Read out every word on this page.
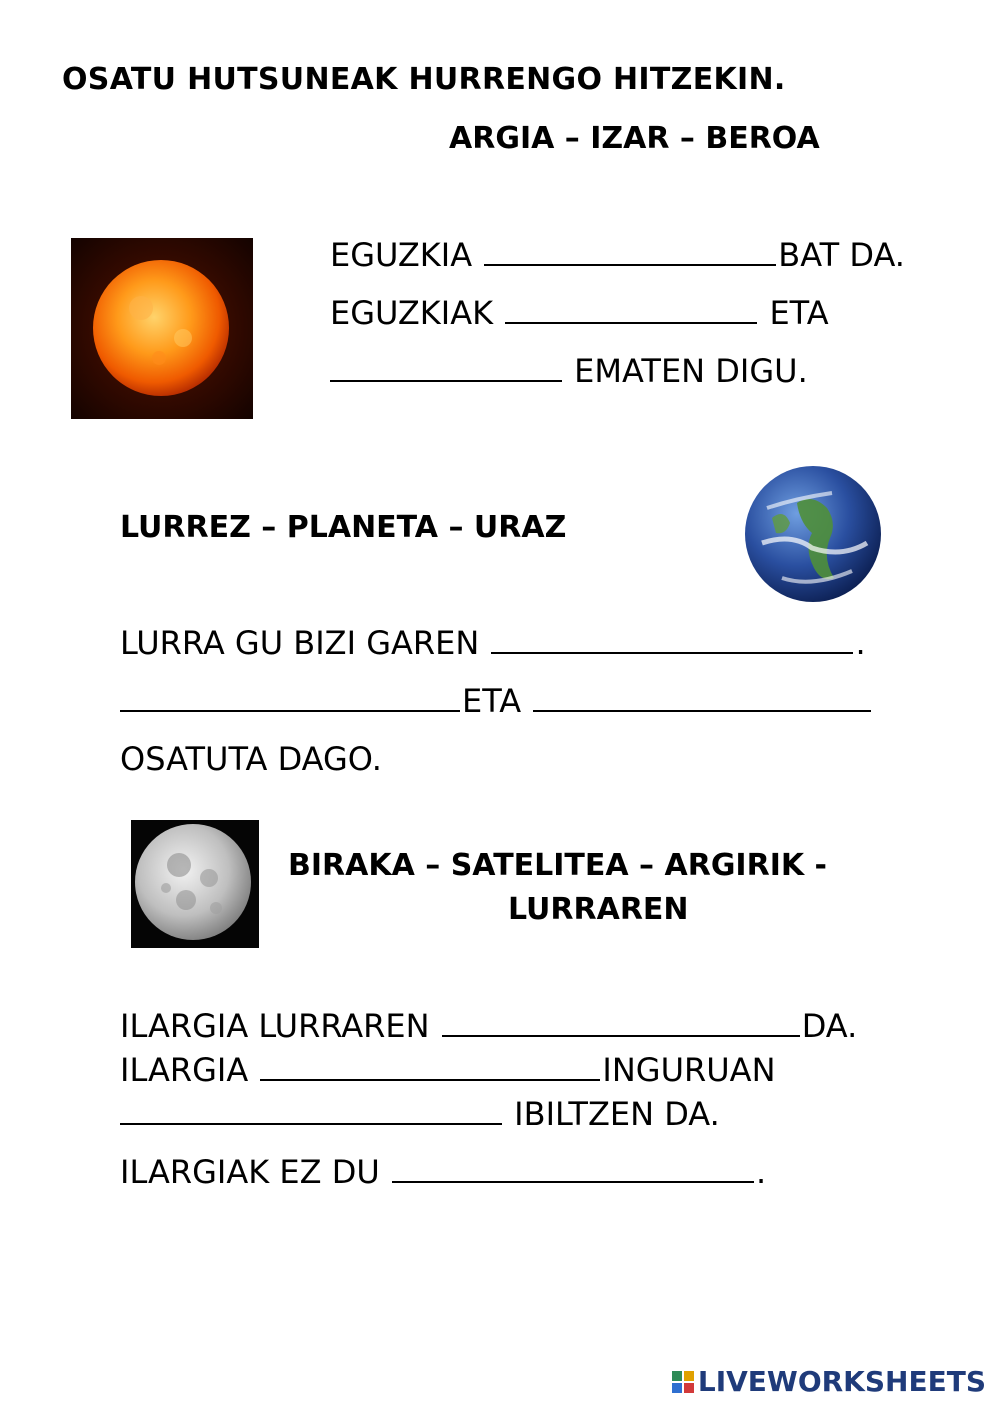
OSATU HUTSUNEAK HURRENGO HITZEKIN.
ARGIA – IZAR – BEROA
EGUZKIA	BAT DA.
EGUZKIAK	ETA
EMATEN DIGU.
LURREZ – PLANETA – URAZ
LURRA GU BIZI GAREN	.
ETA
OSATUTA DAGO.
BIRAKA – SATELITEA – ARGIRIK -
LURRAREN
ILARGIA LURRAREN	DA.
ILARGIA	INGURUAN
IBILTZEN DA.
ILARGIAK EZ DU	.
LIVEWORKSHEETS
